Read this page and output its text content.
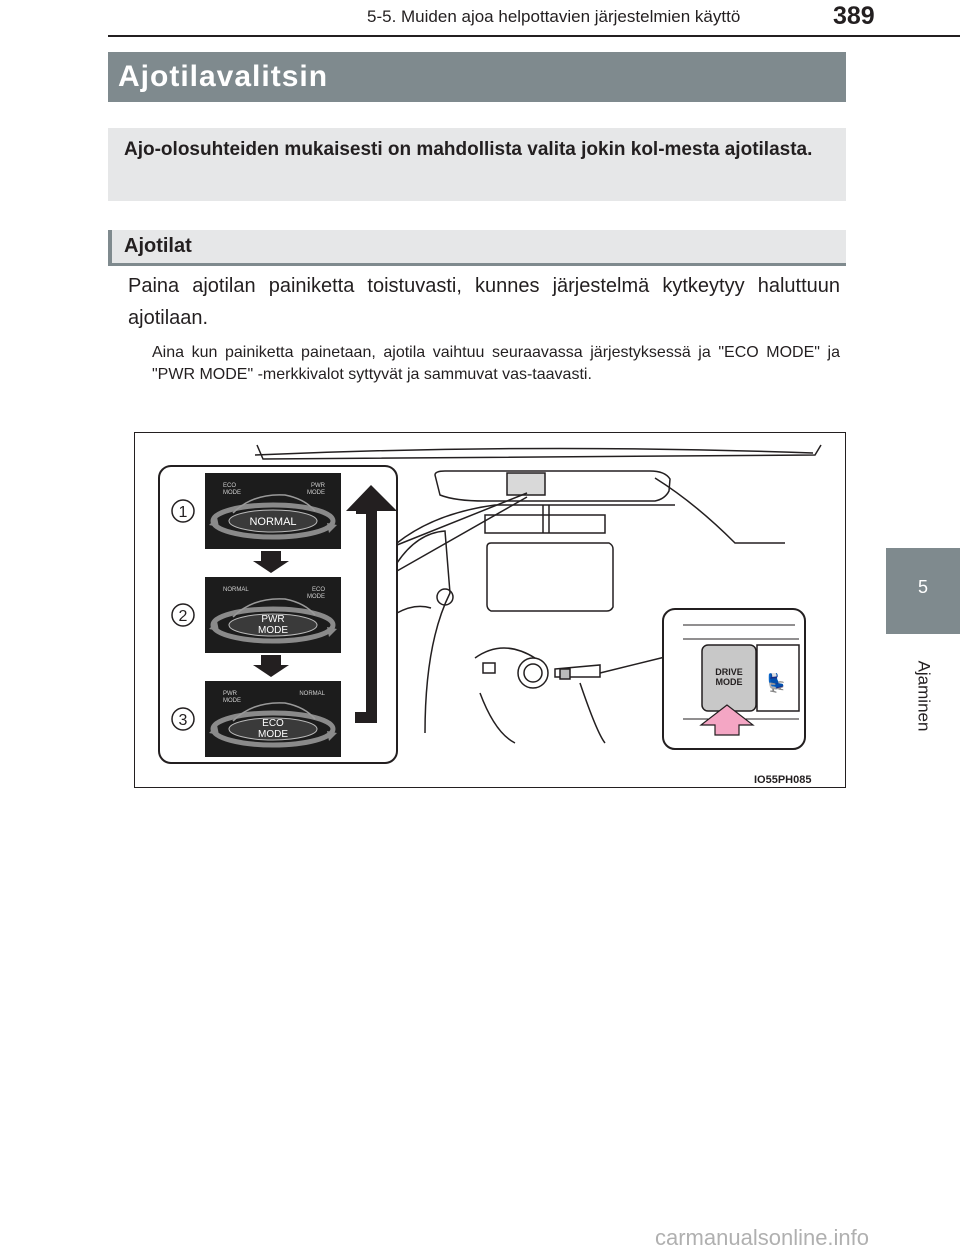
5-5. Muiden ajoa helpottavien järjestelmien käyttö	389
5
Ajaminen
Ajotilavalitsin
Ajo-olosuhteiden mukaisesti on mahdollista valita jokin kol-mesta ajotilasta.
Ajotilat
Paina ajotilan painiketta toistuvasti, kunnes järjestelmä kytkeytyy haluttuun ajotilaan.
Aina kun painiketta painetaan, ajotila vaihtuu seuraavassa järjestyksessä ja "ECO MODE" ja "PWR MODE" -merkkivalot syttyvät ja sammuvat vas-taavasti.
1
NORMAL
ECO
MODE
PWR
MODE
2	PWR
MODE
NORMAL	ECO
MODE
3	ECO
MODE
PWR
MODE
NORMAL	💺
DRIVE
MODE
IO55PH085
carmanualsonline.info
